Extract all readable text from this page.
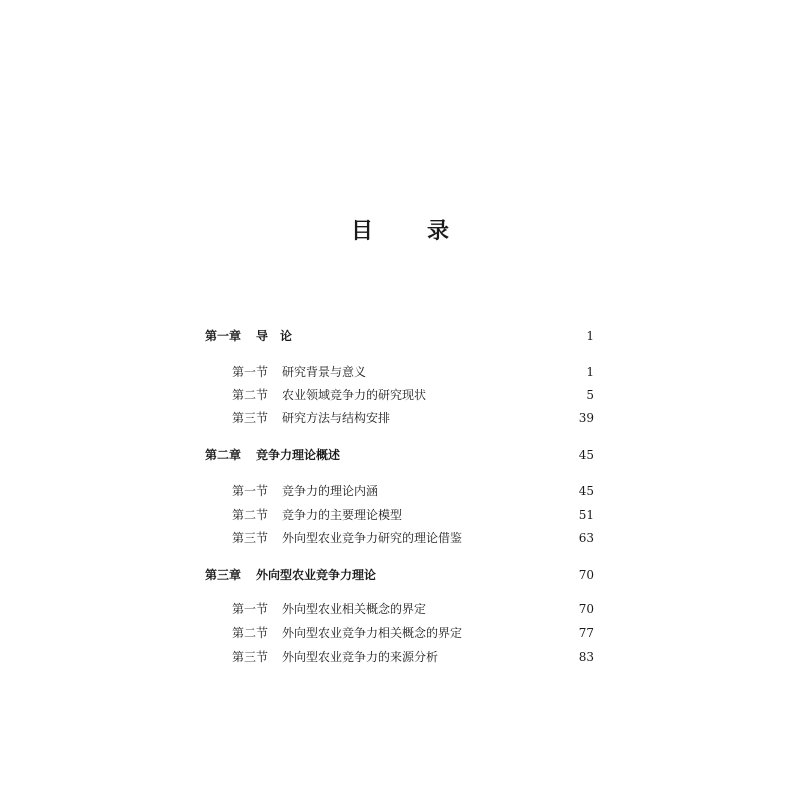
目　录
第一章	导　论	1
第一节	研究背景与意义	1
第二节	农业领域竞争力的研究现状	5
第三节	研究方法与结构安排	39
第二章	竞争力理论概述	45
第一节	竞争力的理论内涵	45
第二节	竞争力的主要理论模型	51
第三节	外向型农业竞争力研究的理论借鉴	63
第三章	外向型农业竞争力理论	70
第一节	外向型农业相关概念的界定	70
第二节	外向型农业竞争力相关概念的界定	77
第三节	外向型农业竞争力的来源分析	83
